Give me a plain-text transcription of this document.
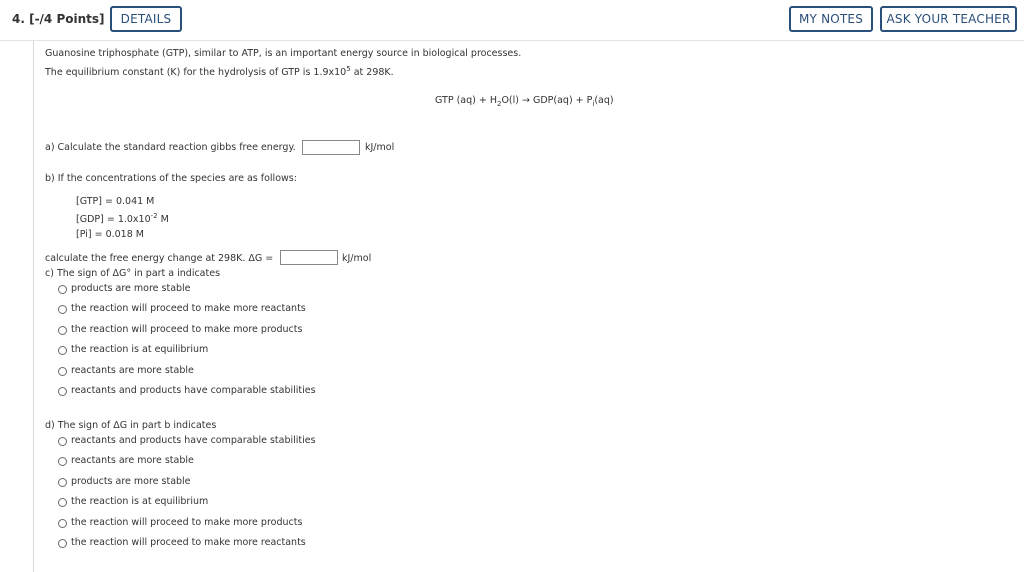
4. [-/4 Points]	DETAILS	MY NOTES	ASK YOUR TEACHER
Guanosine triphosphate (GTP), similar to ATP, is an important energy source in biological processes.
The equilibrium constant (K) for the hydrolysis of GTP is $1.9x10^5$ at 298K.
GTP $(aq) + H_2O(l) \to GDP(aq) + P_i(aq)$
a) Calculate the standard reaction gibbs free energy.	kJ/mol
b) If the concentrations of the species are as follows:
[GTP] = 0.041 M
$[GDP] = 1.0x10^{-2}$ M
[Pi] = 0.018 M
calculate the free energy change at 298K. ΔG =	kJ/mol
c) The sign of ΔG° in part a indicates
products are more stable
the reaction will proceed to make more reactants
the reaction will proceed to make more products
the reaction is at equilibrium
reactants are more stable
reactants and products have comparable stabilities
d) The sign of ΔG in part b indicates
reactants and products have comparable stabilities
reactants are more stable
products are more stable
the reaction is at equilibrium
the reaction will proceed to make more products
the reaction will proceed to make more reactants
